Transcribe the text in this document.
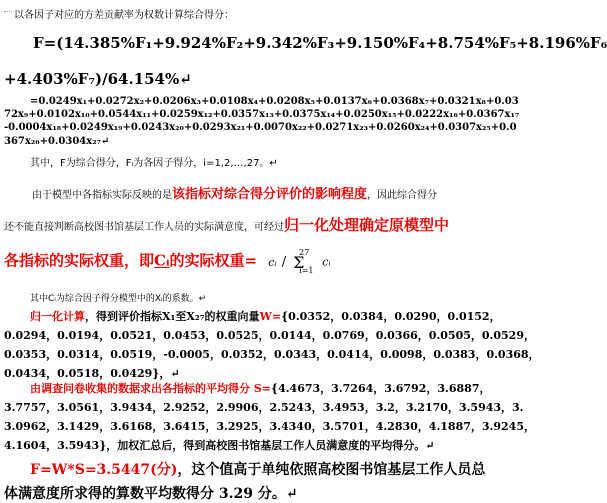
以各因子对应的方差贡献率为权数计算综合得分：
F=(14.385%F₁+9.924%F₂+9.342%F₃+9.150%F₄+8.754%F₅+8.196%F₆
+4.403%F₇)/64.154%↵
=0.0249x₁+0.0272x₂+0.0206x₃+0.0108x₄+0.0208x₅+0.0137x₆+0.0368x₇+0.0321x₈+0.03
72x₉+0.0102x₁₀+0.0544x₁₁+0.0259x₁₂+0.0357x₁₃+0.0375x₁₄+0.0250x₁₅+0.0222x₁₆+0.0367x₁₇
-0.0004x₁₈+0.0249x₁₉+0.0243x₂₀+0.0293x₂₁+0.0070x₂₂+0.0271x₂₃+0.0260x₂₄+0.0307x₂₅+0.0
367x₂₆+0.0304x₂₇↵
其中，F为综合得分，Fᵢ为各因子得分，i=1,2,…,27。↵
由于模型中各指标实际反映的是该指标对综合得分评价的影响程度，因此综合得分
还不能直接判断高校图书馆基层工作人员的实际满意度，可经过归一化处理确定原模型中
各指标的实际权重，即Cᵢ的实际权重= cᵢ /
27
Σ
i=1
cᵢ
其中Cᵢ为综合因子得分模型中的Xᵢ的系数。↵
归一化计算，得到评价指标X₁至X₂₇的权重向量W={0.0352，0.0384，0.0290，0.0152，
0.0294，0.0194，0.0521，0.0453，0.0525，0.0144，0.0769，0.0366，0.0505，0.0529，
0.0353，0.0314，0.0519，-0.0005，0.0352，0.0343，0.0414，0.0098，0.0383，0.0368，
0.0434，0.0518，0.0429}，↵
由调查问卷收集的数据求出各指标的平均得分 S={4.4673，3.7264，3.6792，3.6887，
3.7757，3.0561，3.9434，2.9252，2.9906，2.5243，3.4953，3.2，3.2170，3.5943，3.
3.0962，3.1429，3.6168，3.6415，3.2925，3.4340，3.5701，4.2830，4.1887，3.9245，
4.1604，3.5943}，加权汇总后，得到高校图书馆基层工作人员满意度的平均得分。↵
F=W*S=3.5447(分)，这个值高于单纯依照高校图书馆基层工作人员总
体满意度所求得的算数平均数得分 3.29 分。↵
